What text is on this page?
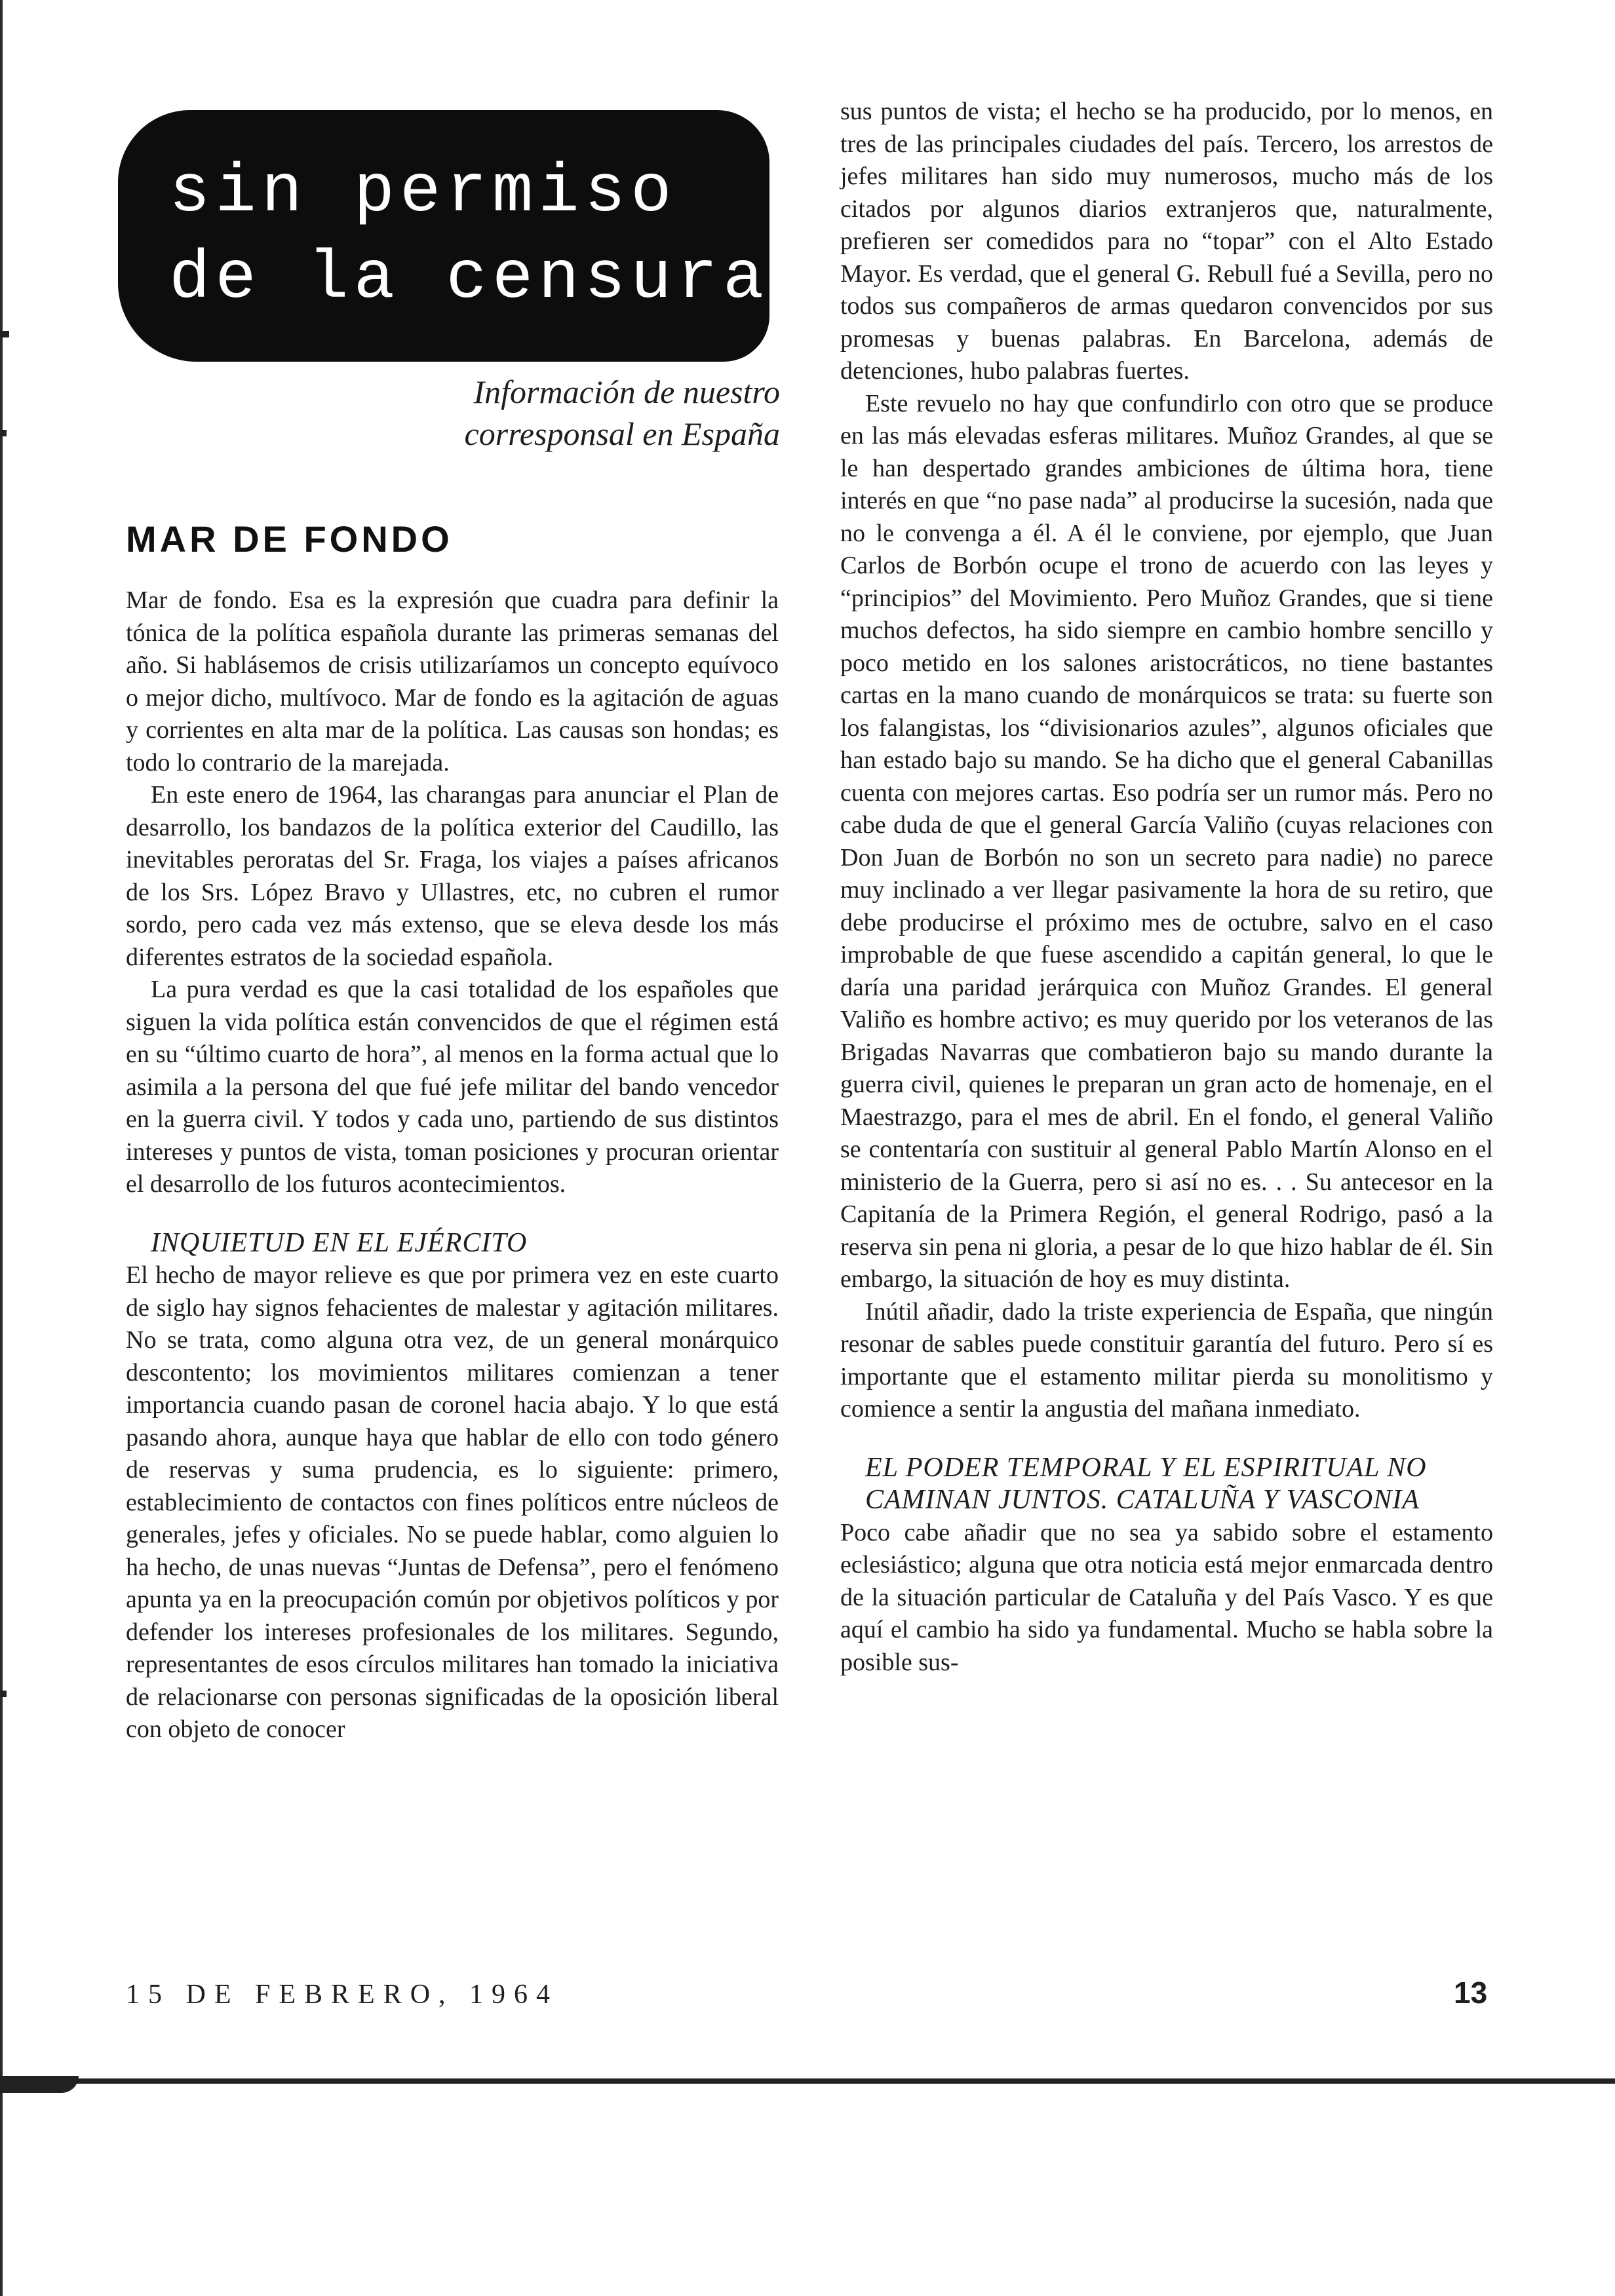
sin permiso
de la censura
Información de nuestro
corresponsal en España
MAR DE FONDO

Mar de fondo. Esa es la expresión que cuadra para definir la tónica de la política española durante las primeras semanas del año. Si hablásemos de crisis utilizaríamos un concepto equívoco o mejor dicho, multívoco. Mar de fondo es la agitación de aguas y corrientes en alta mar de la política. Las causas son hondas; es todo lo contrario de la marejada.

En este enero de 1964, las charangas para anunciar el Plan de desarrollo, los bandazos de la política exterior del Caudillo, las inevitables peroratas del Sr. Fraga, los viajes a países africanos de los Srs. López Bravo y Ullastres, etc, no cubren el rumor sordo, pero cada vez más extenso, que se eleva desde los más diferentes estratos de la sociedad española.

La pura verdad es que la casi totalidad de los españoles que siguen la vida política están convencidos de que el régimen está en su “último cuarto de hora”, al menos en la forma actual que lo asimila a la persona del que fué jefe militar del bando vencedor en la guerra civil. Y todos y cada uno, partiendo de sus distintos intereses y puntos de vista, toman posiciones y procuran orientar el desarrollo de los futuros acontecimientos.

INQUIETUD EN EL EJÉRCITO

El hecho de mayor relieve es que por primera vez en este cuarto de siglo hay signos fehacientes de malestar y agitación militares. No se trata, como alguna otra vez, de un general monárquico descontento; los movimientos militares comienzan a tener importancia cuando pasan de coronel hacia abajo. Y lo que está pasando ahora, aunque haya que hablar de ello con todo género de reservas y suma prudencia, es lo siguiente: primero, establecimiento de contactos con fines políticos entre núcleos de generales, jefes y oficiales. No se puede hablar, como alguien lo ha hecho, de unas nuevas “Juntas de Defensa”, pero el fenómeno apunta ya en la preocupación común por objetivos políticos y por defender los intereses profesionales de los militares. Segundo, representantes de esos círculos militares han tomado la iniciativa de relacionarse con personas significadas de la oposición liberal con objeto de conocer

sus puntos de vista; el hecho se ha producido, por lo menos, en tres de las principales ciudades del país. Tercero, los arrestos de jefes militares han sido muy numerosos, mucho más de los citados por algunos diarios extranjeros que, naturalmente, prefieren ser comedidos para no “topar” con el Alto Estado Mayor. Es verdad, que el general G. Rebull fué a Sevilla, pero no todos sus compañeros de armas quedaron convencidos por sus promesas y buenas palabras. En Barcelona, además de detenciones, hubo palabras fuertes.

Este revuelo no hay que confundirlo con otro que se produce en las más elevadas esferas militares. Muñoz Grandes, al que se le han despertado grandes ambiciones de última hora, tiene interés en que “no pase nada” al producirse la sucesión, nada que no le convenga a él. A él le conviene, por ejemplo, que Juan Carlos de Borbón ocupe el trono de acuerdo con las leyes y “principios” del Movimiento. Pero Muñoz Grandes, que si tiene muchos defectos, ha sido siempre en cambio hombre sencillo y poco metido en los salones aristocráticos, no tiene bastantes cartas en la mano cuando de monárquicos se trata: su fuerte son los falangistas, los “divisionarios azules”, algunos oficiales que han estado bajo su mando. Se ha dicho que el general Cabanillas cuenta con mejores cartas. Eso podría ser un rumor más. Pero no cabe duda de que el general García Valiño (cuyas relaciones con Don Juan de Borbón no son un secreto para nadie) no parece muy inclinado a ver llegar pasivamente la hora de su retiro, que debe producirse el próximo mes de octubre, salvo en el caso improbable de que fuese ascendido a capitán general, lo que le daría una paridad jerárquica con Muñoz Grandes. El general Valiño es hombre activo; es muy querido por los veteranos de las Brigadas Navarras que combatieron bajo su mando durante la guerra civil, quienes le preparan un gran acto de homenaje, en el Maestrazgo, para el mes de abril. En el fondo, el general Valiño se contentaría con sustituir al general Pablo Martín Alonso en el ministerio de la Guerra, pero si así no es. . . Su antecesor en la Capitanía de la Primera Región, el general Rodrigo, pasó a la reserva sin pena ni gloria, a pesar de lo que hizo hablar de él. Sin embargo, la situación de hoy es muy distinta.

Inútil añadir, dado la triste experiencia de España, que ningún resonar de sables puede constituir garantía del futuro. Pero sí es importante que el estamento militar pierda su monolitismo y comience a sentir la angustia del mañana inmediato.

EL PODER TEMPORAL Y EL ESPIRITUAL NO

CAMINAN JUNTOS. CATALUÑA Y VASCONIA

Poco cabe añadir que no sea ya sabido sobre el estamento eclesiástico; alguna que otra noticia está mejor enmarcada dentro de la situación particular de Cataluña y del País Vasco. Y es que aquí el cambio ha sido ya fundamental. Mucho se habla sobre la posible sus-

15 DE FEBRERO, 1964	13
